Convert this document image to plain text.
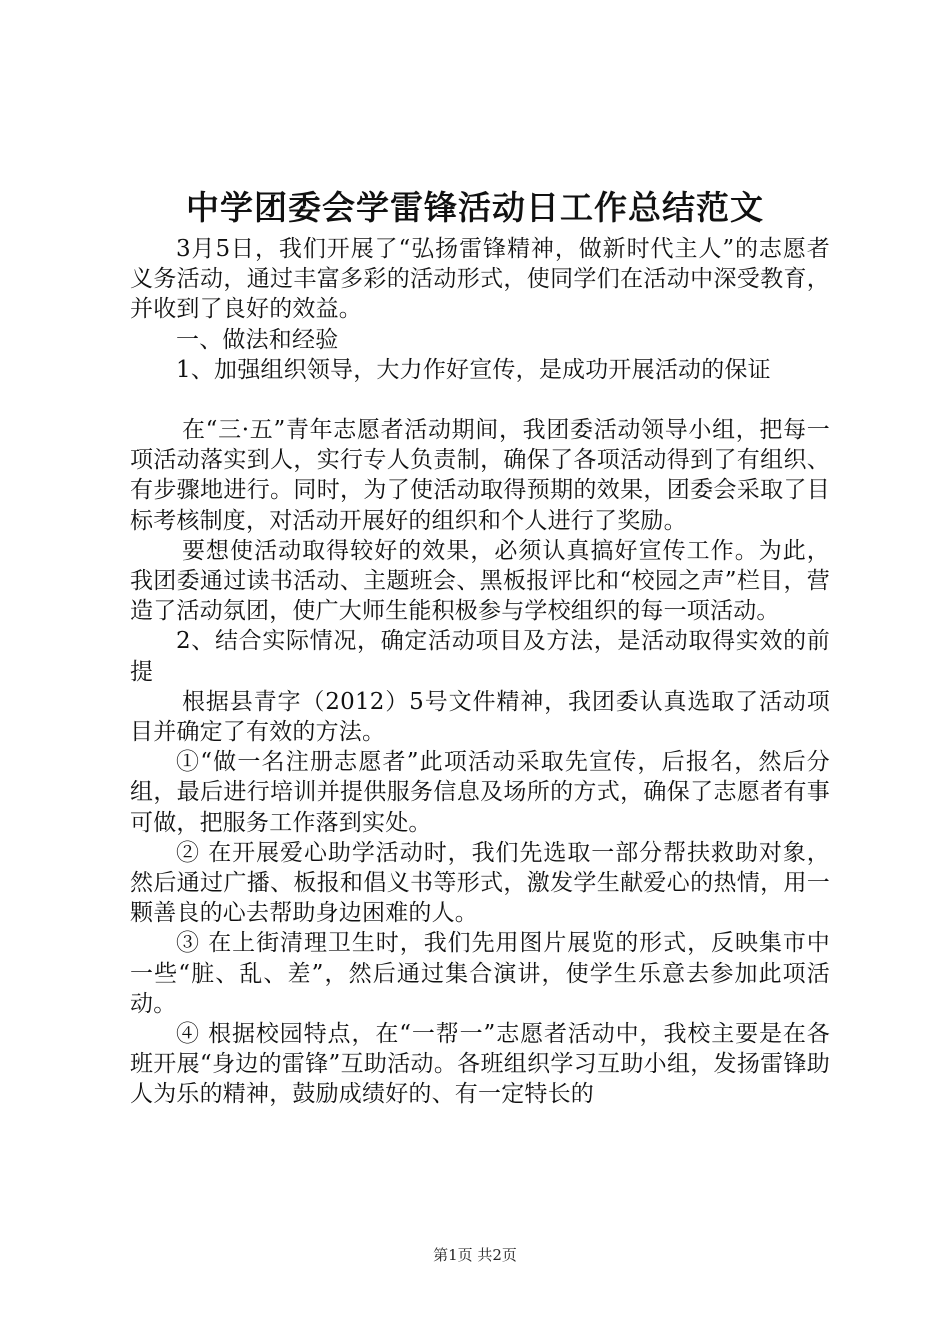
中学团委会学雷锋活动日工作总结范文

3月5日，我们开展了“弘扬雷锋精神，做新时代主人”的志愿者义务活动，通过丰富多彩的活动形式，使同学们在活动中深受教育，并收到了良好的效益。

一、做法和经验

1、加强组织领导，大力作好宣传，是成功开展活动的保证

在“三·五”青年志愿者活动期间，我团委活动领导小组，把每一项活动落实到人，实行专人负责制，确保了各项活动得到了有组织、有步骤地进行。同时，为了使活动取得预期的效果，团委会采取了目标考核制度，对活动开展好的组织和个人进行了奖励。

要想使活动取得较好的效果，必须认真搞好宣传工作。为此，我团委通过读书活动、主题班会、黑板报评比和“校园之声”栏目，营造了活动氛团，使广大师生能积极参与学校组织的每一项活动。

2、结合实际情况，确定活动项目及方法，是活动取得实效的前提

根据县青字（2012）5号文件精神，我团委认真选取了活动项目并确定了有效的方法。

①“做一名注册志愿者”此项活动采取先宣传，后报名，然后分组，最后进行培训并提供服务信息及场所的方式，确保了志愿者有事可做，把服务工作落到实处。

② 在开展爱心助学活动时，我们先选取一部分帮扶救助对象，然后通过广播、板报和倡义书等形式，激发学生献爱心的热情，用一颗善良的心去帮助身边困难的人。

③ 在上街清理卫生时，我们先用图片展览的形式，反映集市中一些“脏、乱、差”，然后通过集合演讲，使学生乐意去参加此项活动。

④ 根据校园特点，在“一帮一”志愿者活动中，我校主要是在各班开展“身边的雷锋”互助活动。各班组织学习互助小组，发扬雷锋助人为乐的精神，鼓励成绩好的、有一定特长的

第1页 共2页
